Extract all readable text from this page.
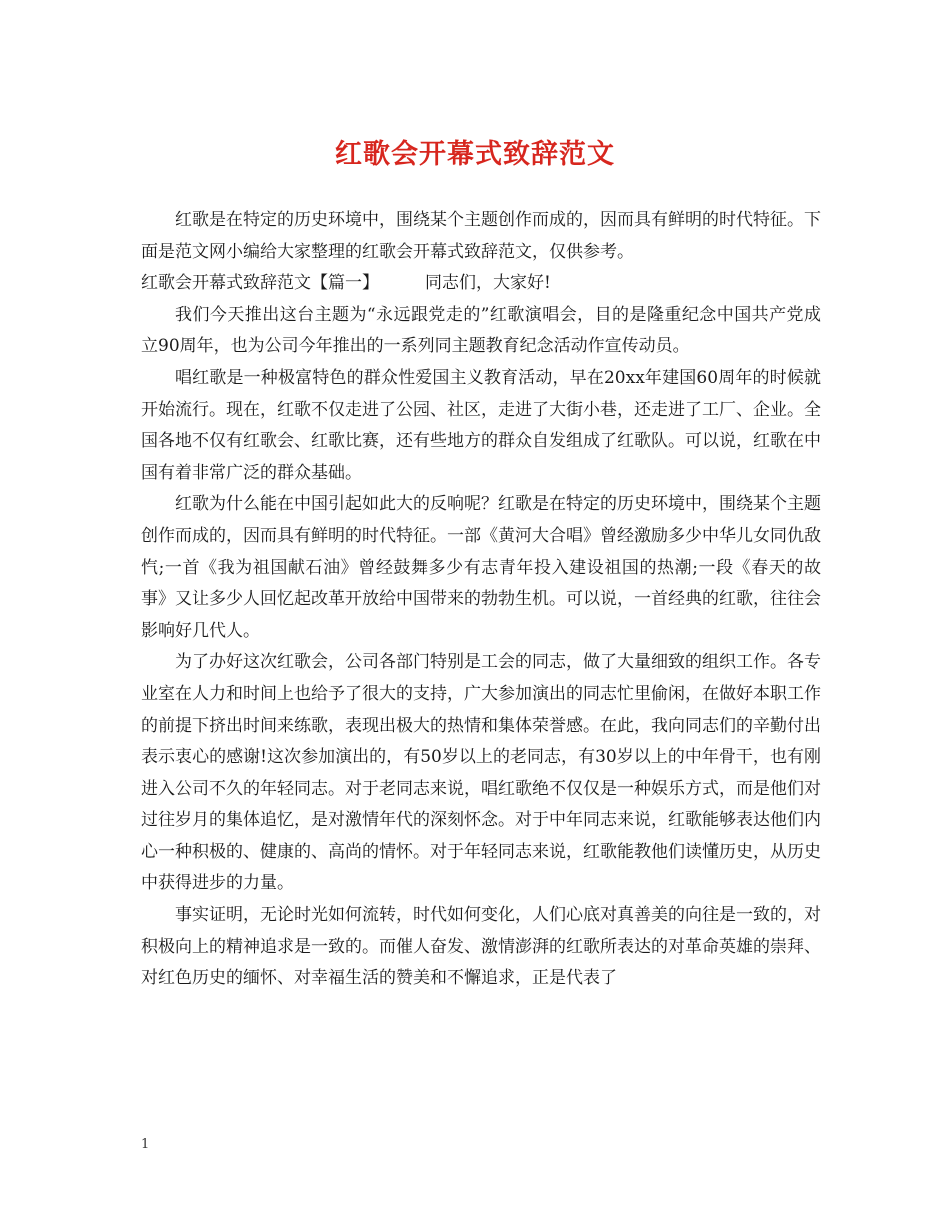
红歌会开幕式致辞范文

红歌是在特定的历史环境中，围绕某个主题创作而成的，因而具有鲜明的时代特征。下面是范文网小编给大家整理的红歌会开幕式致辞范文，仅供参考。

红歌会开幕式致辞范文【篇一】	同志们，大家好!

我们今天推出这台主题为“永远跟党走的”红歌演唱会，目的是隆重纪念中国共产党成立90周年，也为公司今年推出的一系列同主题教育纪念活动作宣传动员。

唱红歌是一种极富特色的群众性爱国主义教育活动，早在20xx年建国60周年的时候就开始流行。现在，红歌不仅走进了公园、社区，走进了大街小巷，还走进了工厂、企业。全国各地不仅有红歌会、红歌比赛，还有些地方的群众自发组成了红歌队。可以说，红歌在中国有着非常广泛的群众基础。

红歌为什么能在中国引起如此大的反响呢？红歌是在特定的历史环境中，围绕某个主题创作而成的，因而具有鲜明的时代特征。一部《黄河大合唱》曾经激励多少中华儿女同仇敌忾;一首《我为祖国献石油》曾经鼓舞多少有志青年投入建设祖国的热潮;一段《春天的故事》又让多少人回忆起改革开放给中国带来的勃勃生机。可以说，一首经典的红歌，往往会影响好几代人。

为了办好这次红歌会，公司各部门特别是工会的同志，做了大量细致的组织工作。各专业室在人力和时间上也给予了很大的支持，广大参加演出的同志忙里偷闲，在做好本职工作的前提下挤出时间来练歌，表现出极大的热情和集体荣誉感。在此，我向同志们的辛勤付出表示衷心的感谢!这次参加演出的，有50岁以上的老同志，有30岁以上的中年骨干，也有刚进入公司不久的年轻同志。对于老同志来说，唱红歌绝不仅仅是一种娱乐方式，而是他们对过往岁月的集体追忆，是对激情年代的深刻怀念。对于中年同志来说，红歌能够表达他们内心一种积极的、健康的、高尚的情怀。对于年轻同志来说，红歌能教他们读懂历史，从历史中获得进步的力量。

事实证明，无论时光如何流转，时代如何变化，人们心底对真善美的向往是一致的，对积极向上的精神追求是一致的。而催人奋发、激情澎湃的红歌所表达的对革命英雄的崇拜、对红色历史的缅怀、对幸福生活的赞美和不懈追求，正是代表了

1
